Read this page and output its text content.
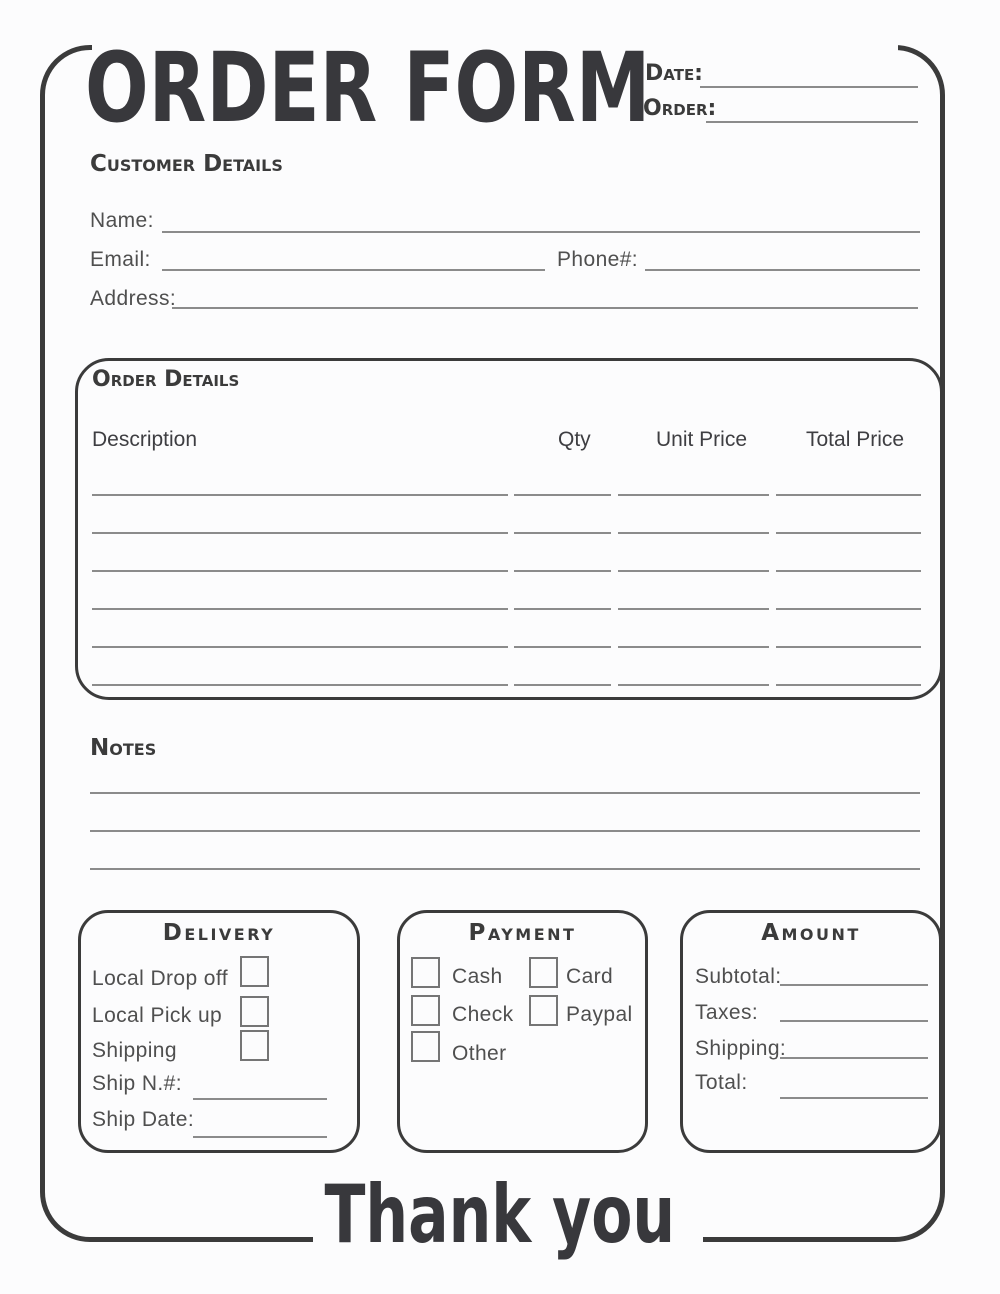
ORDER FORM
Date:
Order:
Customer Details
Name:
Email:	Phone#:
Address:
Order Details
Description	Qty	Unit Price	Total Price
Notes
Delivery
Local Drop off
Local Pick up
Shipping
Ship N.#:
Ship Date:
Payment
Cash	Card
Check Paypal
Other
Amount
Subtotal:
Taxes:
Shipping:
Total:
Thank you
